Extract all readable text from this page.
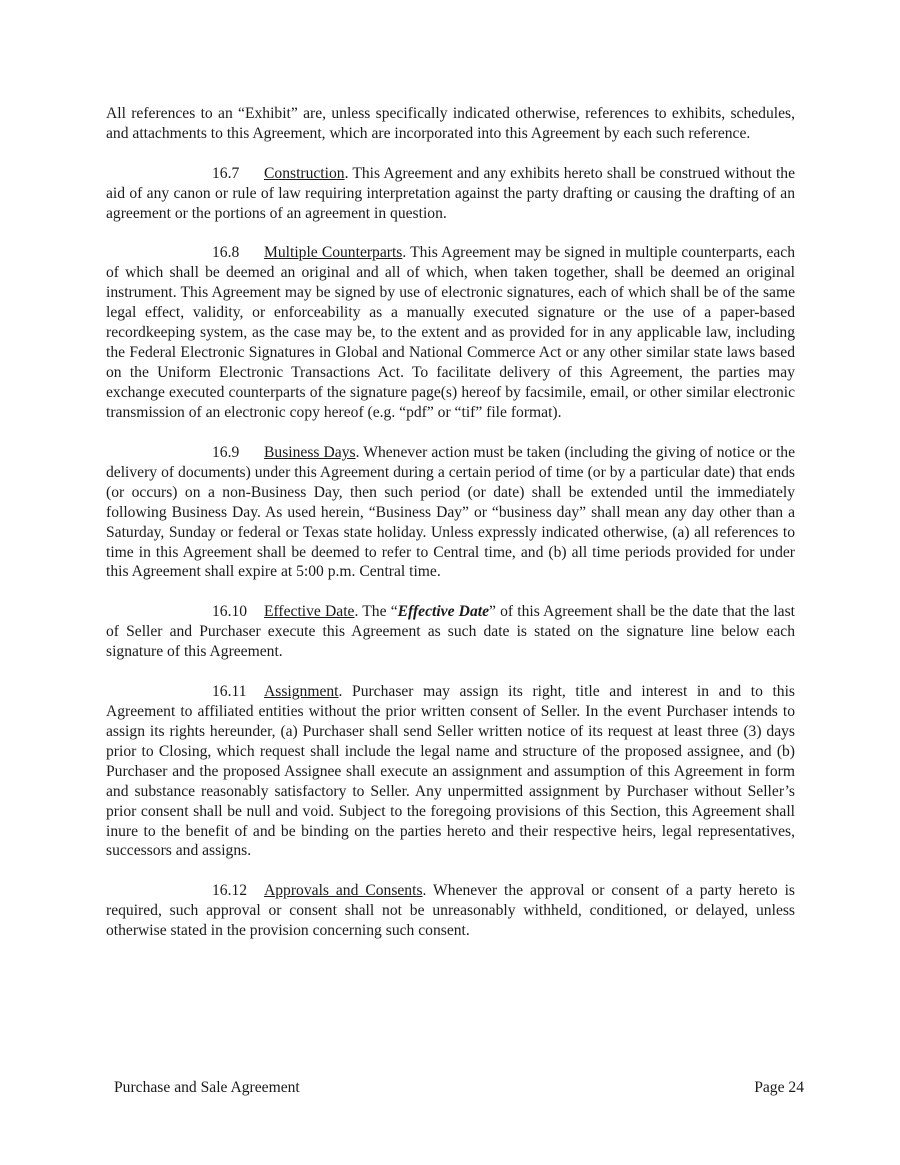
All references to an “Exhibit” are, unless specifically indicated otherwise, references to exhibits, schedules, and attachments to this Agreement, which are incorporated into this Agreement by each such reference.

16.7 Construction. This Agreement and any exhibits hereto shall be construed without the aid of any canon or rule of law requiring interpretation against the party drafting or causing the drafting of an agreement or the portions of an agreement in question.

16.8 Multiple Counterparts. This Agreement may be signed in multiple counterparts, each of which shall be deemed an original and all of which, when taken together, shall be deemed an original instrument. This Agreement may be signed by use of electronic signatures, each of which shall be of the same legal effect, validity, or enforceability as a manually executed signature or the use of a paper-based recordkeeping system, as the case may be, to the extent and as provided for in any applicable law, including the Federal Electronic Signatures in Global and National Commerce Act or any other similar state laws based on the Uniform Electronic Transactions Act. To facilitate delivery of this Agreement, the parties may exchange executed counterparts of the signature page(s) hereof by facsimile, email, or other similar electronic transmission of an electronic copy hereof (e.g. “pdf” or “tif” file format).

16.9 Business Days. Whenever action must be taken (including the giving of notice or the delivery of documents) under this Agreement during a certain period of time (or by a particular date) that ends (or occurs) on a non-Business Day, then such period (or date) shall be extended until the immediately following Business Day. As used herein, “Business Day” or “business day” shall mean any day other than a Saturday, Sunday or federal or Texas state holiday. Unless expressly indicated otherwise, (a) all references to time in this Agreement shall be deemed to refer to Central time, and (b) all time periods provided for under this Agreement shall expire at 5:00 p.m. Central time.

16.10 Effective Date. The “Effective Date” of this Agreement shall be the date that the last of Seller and Purchaser execute this Agreement as such date is stated on the signature line below each signature of this Agreement.

16.11 Assignment. Purchaser may assign its right, title and interest in and to this Agreement to affiliated entities without the prior written consent of Seller. In the event Purchaser intends to assign its rights hereunder, (a) Purchaser shall send Seller written notice of its request at least three (3) days prior to Closing, which request shall include the legal name and structure of the proposed assignee, and (b) Purchaser and the proposed Assignee shall execute an assignment and assumption of this Agreement in form and substance reasonably satisfactory to Seller. Any unpermitted assignment by Purchaser without Seller’s prior consent shall be null and void. Subject to the foregoing provisions of this Section, this Agreement shall inure to the benefit of and be binding on the parties hereto and their respective heirs, legal representatives, successors and assigns.

16.12 Approvals and Consents. Whenever the approval or consent of a party hereto is required, such approval or consent shall not be unreasonably withheld, conditioned, or delayed, unless otherwise stated in the provision concerning such consent.

Purchase and Sale Agreement	Page 24
